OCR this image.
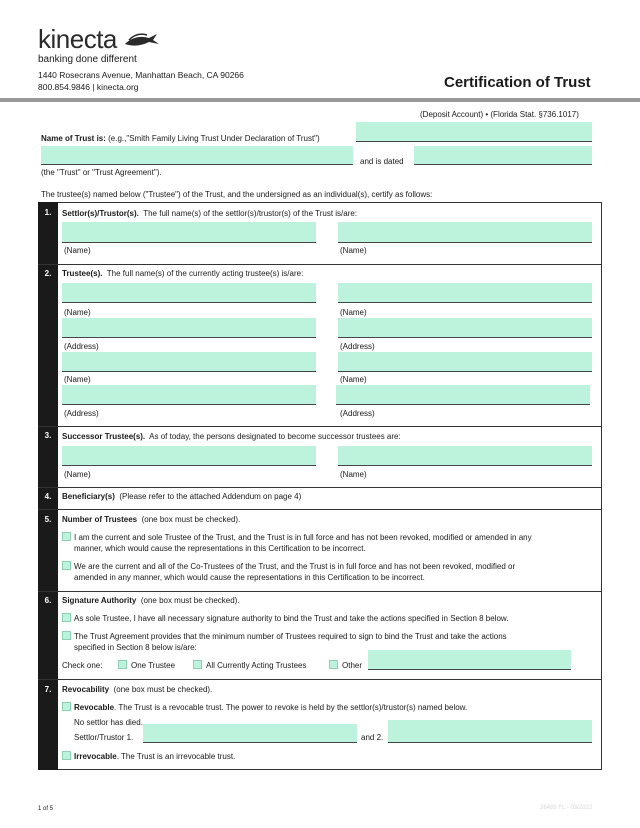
kinecta
banking done different
1440 Rosecrans Avenue, Manhattan Beach, CA 90266
800.854.9846 | kinecta.org	Certification of Trust
(Deposit Account) • (Florida Stat. §736.1017)
Name of Trust is: (e.g.,"Smith Family Living Trust Under Declaration of Trust")
and is dated
(the "Trust" or "Trust Agreement").
The trustee(s) named below ("Trustee") of the Trust, and the undersigned as an individual(s), certify as follows:
1.	Settlor(s)/Trustor(s). The full name(s) of the settlor(s)/trustor(s) of the Trust is/are:
(Name)	(Name)
2.	Trustee(s). The full name(s) of the currently acting trustee(s) is/are:
(Name)	(Name)
(Address)	(Address)
(Name)	(Name)
(Address)	(Address)
3.	Successor Trustee(s). As of today, the persons designated to become successor trustees are:
(Name)	(Name)
4.	Beneficiary(s) (Please refer to the attached Addendum on page 4)
5.	Number of Trustees (one box must be checked).
I am the current and sole Trustee of the Trust, and the Trust is in full force and has not been revoked, modified or amended in any
manner, which would cause the representations in this Certification to be incorrect.
We are the current and all of the Co-Trustees of the Trust, and the Trust is in full force and has not been revoked, modified or
amended in any manner, which would cause the representations in this Certification to be incorrect.
6.	Signature Authority (one box must be checked).
As sole Trustee, I have all necessary signature authority to bind the Trust and take the actions specified in Section 8 below.
The Trust Agreement provides that the minimum number of Trustees required to sign to bind the Trust and take the actions
specified in Section 8 below is/are:
Check one:	One Trustee	All Currently Acting Trustees	Other
7.	Revocability (one box must be checked).
Revocable. The Trust is a revocable trust. The power to revoke is held by the settlor(s)/trustor(s) named below.
No settlor has died.
Settlor/Trustor 1.	and 2.
Irrevocable. The Trust is an irrevocable trust.
1 of 5	26489 FL - 03/2022
